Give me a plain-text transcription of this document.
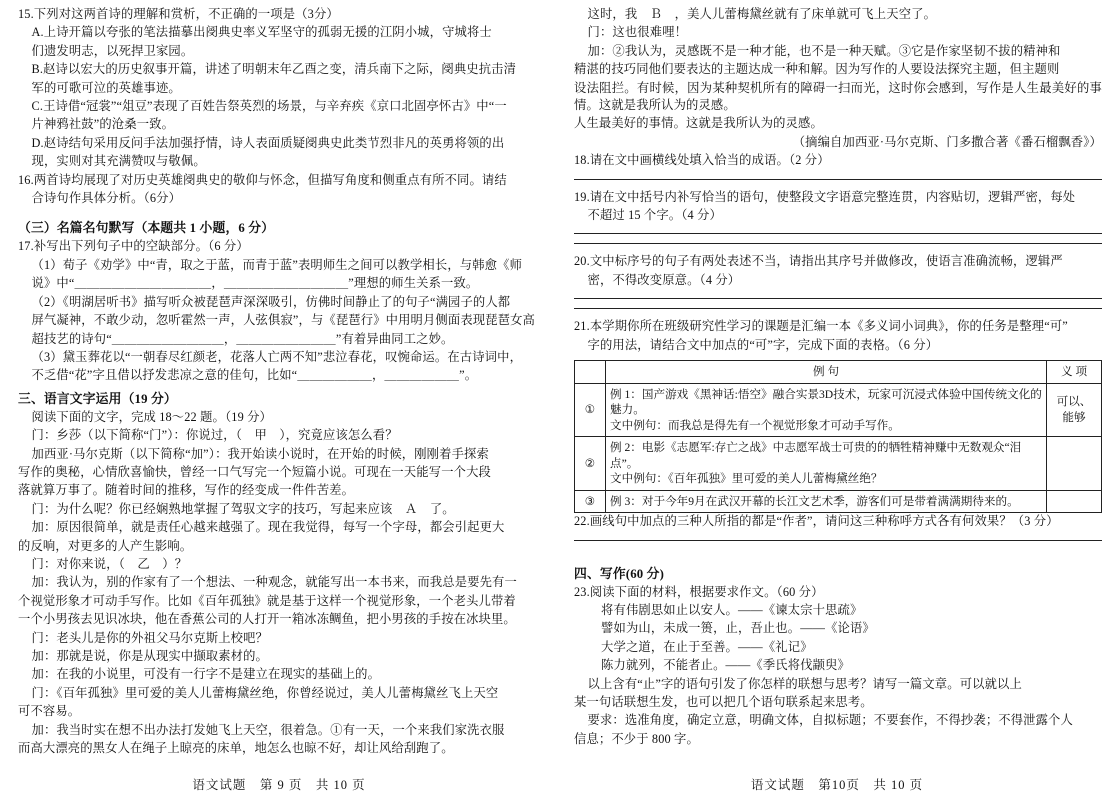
15.下列对这两首诗的理解和赏析，不正确的一项是（3分）

A.上诗开篇以夸张的笔法描摹出阌典史率义军坚守的孤弱无援的江阴小城，守城将士

们遗发明志，以死捍卫家园。

B.赵诗以宏大的历史叙事开篇，讲述了明朝末年乙酉之变，清兵南下之际，阌典史抗击清

军的可歌可泣的英雄事迹。

C.王诗借“冠裳”“俎豆”表现了百姓告祭英烈的场景，与辛弃疾《京口北固亭怀古》中“一

片神鸦社鼓”的沧桑一致。

D.赵诗结句采用反问手法加强抒情，诗人表面质疑阌典史此类节烈非凡的英勇将领的出

现，实则对其充满赞叹与敬佩。

16.两首诗均展现了对历史英雄阌典史的敬仰与怀念，但描写角度和侧重点有所不同。请结

合诗句作具体分析。（6分）

（三）名篇名句默写（本题共 1 小题，6 分）

17.补写出下列句子中的空缺部分。（6 分）

（1）荀子《劝学》中“青，取之于蓝，而青于蓝”表明师生之间可以教学相长，与韩愈《师

说》中“＿＿＿＿＿＿＿＿＿＿＿，＿＿＿＿＿＿＿＿＿＿”理想的师生关系一致。

（2）《明湖居听书》描写听众被琵琶声深深吸引，仿佛时间静止了的句子“满园子的人都

屏气凝神，不敢少动，忽听霍然一声，人弦俱寂”，与《琵琶行》中用明月侧面表现琵琶女高

超技艺的诗句“＿＿＿＿＿＿＿＿＿，＿＿＿＿＿＿＿＿”有着异曲同工之妙。

（3）黛玉葬花以“一朝春尽红颜老，花落人亡两不知”悲泣春花，叹惋命运。在古诗词中，

不乏借“花”字且借以抒发悲凉之意的佳句，比如“＿＿＿＿＿＿，＿＿＿＿＿＿”。

三、语言文字运用（19 分）

阅读下面的文字，完成 18～22 题。（19 分）

门：乡莎（以下简称“门”）：你说过，（　甲　），究竟应该怎么看？

加西亚·马尔克斯（以下简称“加”）：我开始读小说时，在开始的时候，刚刚着手探索

写作的奥秘，心情欣喜愉快，曾经一口气写完一个短篇小说。可现在一天能写一个大段

落就算万事了。随着时间的推移，写作的经变成一件件苦差。

门：为什么呢？你已经娴熟地掌握了驾驭文字的技巧，写起来应该　Ａ　了。

加：原因很简单，就是责任心越来越强了。现在我觉得，每写一个字母，都会引起更大

的反响，对更多的人产生影响。

门：对你来说，（　乙　）？

加：我认为，别的作家有了一个想法、一种观念，就能写出一本书来，而我总是要先有一

个视觉形象才可动手写作。比如《百年孤独》就是基于这样一个视觉形象，一个老头儿带着

一个小男孩去见识冰块，他在香蕉公司的人打开一箱冰冻鲷鱼，把小男孩的手按在冰块里。

门：老头儿是你的外祖父马尔克斯上校吧？

加：那就是说，你是从现实中撷取素材的。

加：在我的小说里，可没有一行字不是建立在现实的基础上的。

门：《百年孤独》里可爱的美人儿蕾梅黛丝绝，你曾经说过，美人儿蕾梅黛丝飞上天空

可不容易。

加：我当时实在想不出办法打发她飞上天空，很着急。①有一天，一个来我们家洗衣服

而高大漂亮的黑女人在绳子上晾亮的床单，地怎么也晾不好，却让风给刮跑了。

语文试题　第 9 页　共 10 页

这时，我　Ｂ　，美人儿蕾梅黛丝就有了床单就可飞上天空了。

门：这也很难哩！

加：②我认为，灵感既不是一种才能，也不是一种天赋。③它是作家坚韧不拔的精神和

精湛的技巧同他们要表达的主题达成一种和解。因为写作的人要设法探究主题，但主题则

设法阻拦。有时候，因为某种契机所有的障碍一扫而光，这时你会感到，写作是人生最美好的事情。这就是我所认为的灵感。

人生最美好的事情。这就是我所认为的灵感。

（摘编自加西亚·马尔克斯、门多撒合著《番石榴飘香》）

18.请在文中画横线处填入恰当的成语。（2 分）

19.请在文中括号内补写恰当的语句，使整段文字语意完整连贯，内容贴切，逻辑严密，每处

不超过 15 个字。（4 分）

20.文中标序号的句子有两处表述不当，请指出其序号并做修改，使语言准确流畅，逻辑严

密，不得改变原意。（4 分）

21.本学期你所在班级研究性学习的课题是汇编一本《多义词小词典》，你的任务是整理“可”

字的用法，请结合文中加点的“可”字，完成下面的表格。（6 分）

	例 句	义 项
①	例 1：国产游戏《黑神话:悟空》融合实景3D技术，玩家可沉浸式体验中国传统文化的魅力。
文中例句：而我总是得先有一个视觉形象才可动手写作。	可以、能够
②	例 2：电影《志愿军:存亡之战》中志愿军战士可贵的的牺牲精神赚中无数观众“泪点”。
文中例句：《百年孤独》里可爱的美人儿蕾梅黛丝绝？	

③	例 3：对于今年9月在武汉开幕的长江文艺术季，游客们可是带着满满期待来的。	

22.画线句中加点的三种人所指的都是“作者”，请问这三种称呼方式各有何效果？（3 分）

四、写作(60 分)

23.阅读下面的材料，根据要求作文。（60 分）

将有伟剧思如止以安人。——《谏太宗十思疏》

譬如为山，未成一篑，止，吾止也。——《论语》

大学之道，在止于至善。——《礼记》

陈力就列，不能者止。——《季氏将伐颛臾》

以上含有“止”字的语句引发了你怎样的联想与思考？请写一篇文章。可以就以上

某一句话联想生发，也可以把几个语句联系起来思考。

要求：选准角度，确定立意，明确文体，自拟标题；不要套作，不得抄袭；不得泄露个人

信息；不少于 800 字。

语文试题　第10页　共 10 页
